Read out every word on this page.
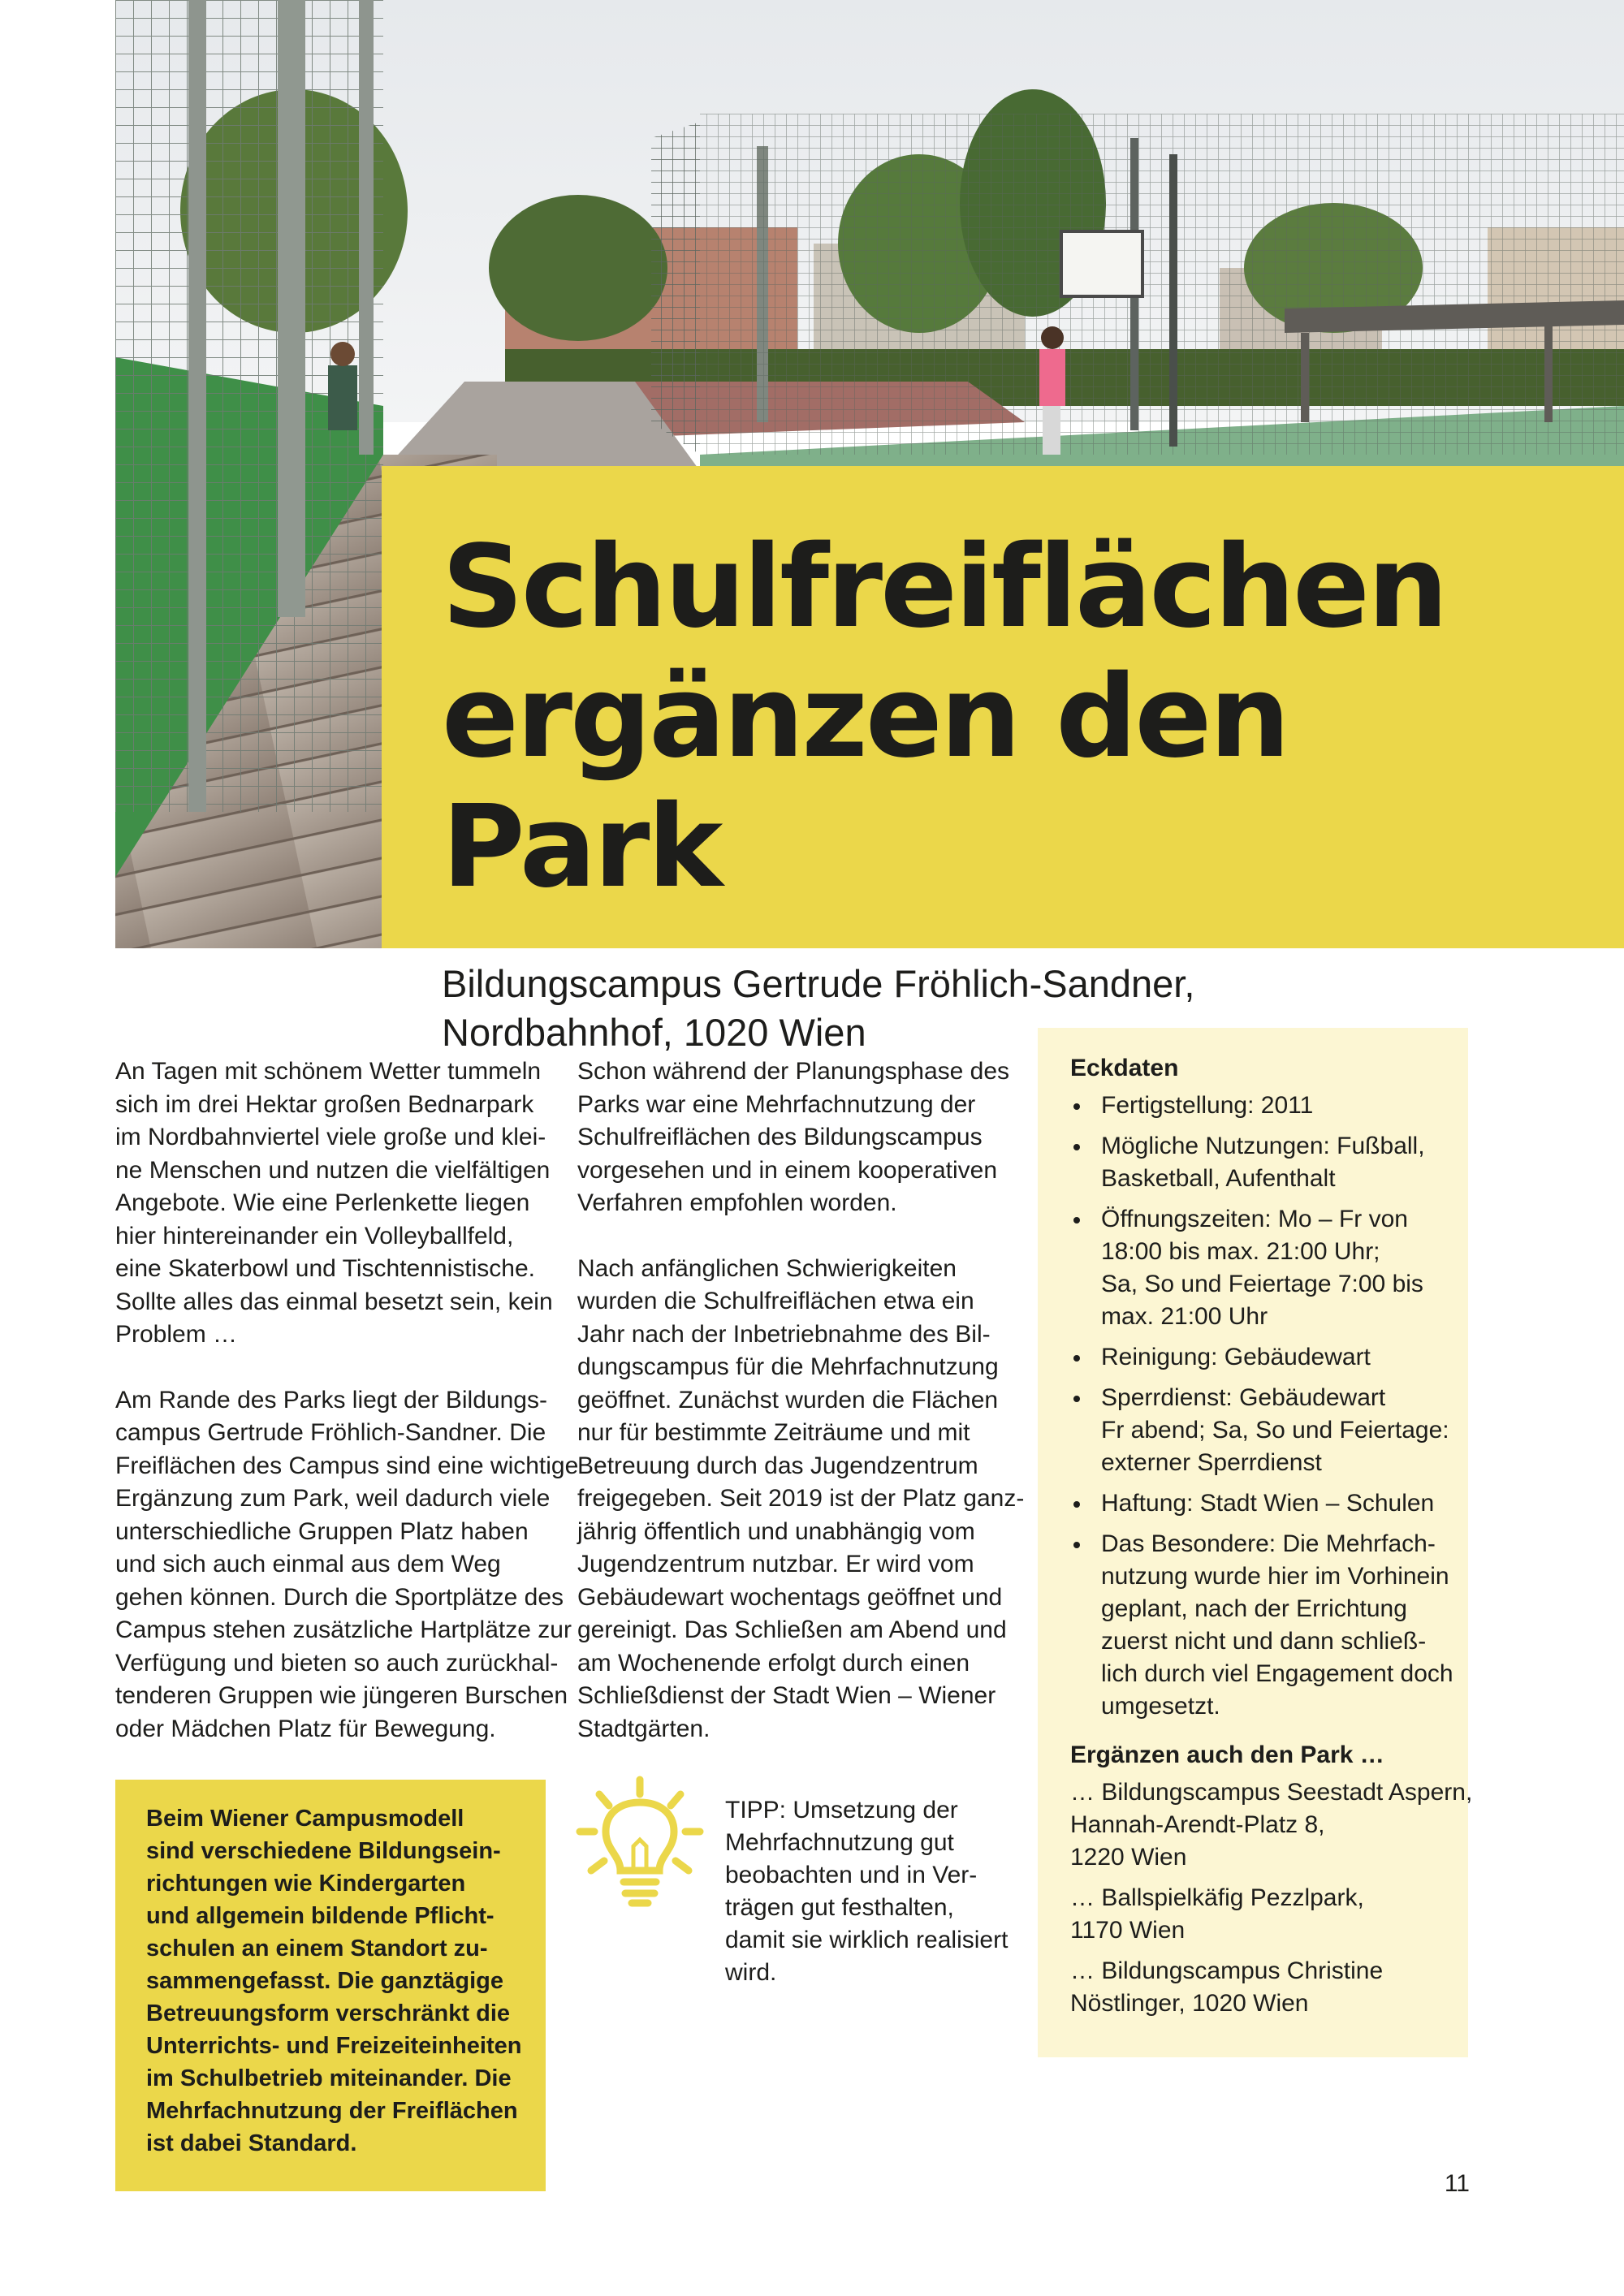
Schulfreiflächen
ergänzen den Park

Bildungscampus Gertrude Fröhlich-Sandner,
Nordbahnhof, 1020 Wien

An Tagen mit schönem Wetter tummeln
sich im drei Hektar großen Bednarpark
im Nordbahnviertel viele große und klei-
ne Menschen und nutzen die vielfältigen
Angebote. Wie eine Perlenkette liegen
hier hintereinander ein Volleyballfeld,
eine Skaterbowl und Tischtennistische.
Sollte alles das einmal besetzt sein, kein
Problem …

Am Rande des Parks liegt der Bildungs-
campus Gertrude Fröhlich-Sandner. Die
Freiflächen des Campus sind eine wichtige
Ergänzung zum Park, weil dadurch viele
unterschiedliche Gruppen Platz haben
und sich auch einmal aus dem Weg
gehen können. Durch die Sportplätze des
Campus stehen zusätzliche Hartplätze zur
Verfügung und bieten so auch zurückhal-
tenderen Gruppen wie jüngeren Burschen
oder Mädchen Platz für Bewegung.

Schon während der Planungsphase des
Parks war eine Mehrfachnutzung der
Schulfreiflächen des Bildungscampus
vorgesehen und in einem kooperativen
Verfahren empfohlen worden.

Nach anfänglichen Schwierigkeiten
wurden die Schulfreiflächen etwa ein
Jahr nach der Inbetriebnahme des Bil-
dungscampus für die Mehrfachnutzung
geöffnet. Zunächst wurden die Flächen
nur für bestimmte Zeiträume und mit
Betreuung durch das Jugendzentrum
freigegeben. Seit 2019 ist der Platz ganz-
jährig öffentlich und unabhängig vom
Jugendzentrum nutzbar. Er wird vom
Gebäudewart wochentags geöffnet und
gereinigt. Das Schließen am Abend und
am Wochenende erfolgt durch einen
Schließdienst der Stadt Wien – Wiener
Stadtgärten.

Eckdaten
Fertigstellung: 2011
Mögliche Nutzungen: Fußball,
Basketball, Aufenthalt
Öffnungszeiten: Mo – Fr von
18:00 bis max. 21:00 Uhr;
Sa, So und Feiertage 7:00 bis
max. 21:00 Uhr
Reinigung: Gebäudewart
Sperrdienst: Gebäudewart
Fr abend; Sa, So und Feiertage:
externer Sperrdienst
Haftung: Stadt Wien – Schulen
Das Besondere: Die Mehrfach-
nutzung wurde hier im Vorhinein
geplant, nach der Errichtung
zuerst nicht und dann schließ-
lich durch viel Engagement doch
umgesetzt.
Ergänzen auch den Park …
… Bildungscampus Seestadt Aspern,
Hannah-Arendt-Platz 8,
1220 Wien
… Ballspielkäfig Pezzlpark,
1170 Wien
… Bildungscampus Christine
Nöstlinger, 1020 Wien
Beim Wiener Campusmodell
sind verschiedene Bildungsein-
richtungen wie Kindergarten
und allgemein bildende Pflicht-
schulen an einem Standort zu-
sammengefasst. Die ganztägige
Betreuungsform verschränkt die
Unterrichts- und Freizeiteinheiten
im Schulbetrieb miteinander. Die
Mehrfachnutzung der Freiflächen
ist dabei Standard.
TIPP: Umsetzung der
Mehrfachnutzung gut
beobachten und in Ver-
trägen gut festhalten,
damit sie wirklich realisiert
wird.
11
